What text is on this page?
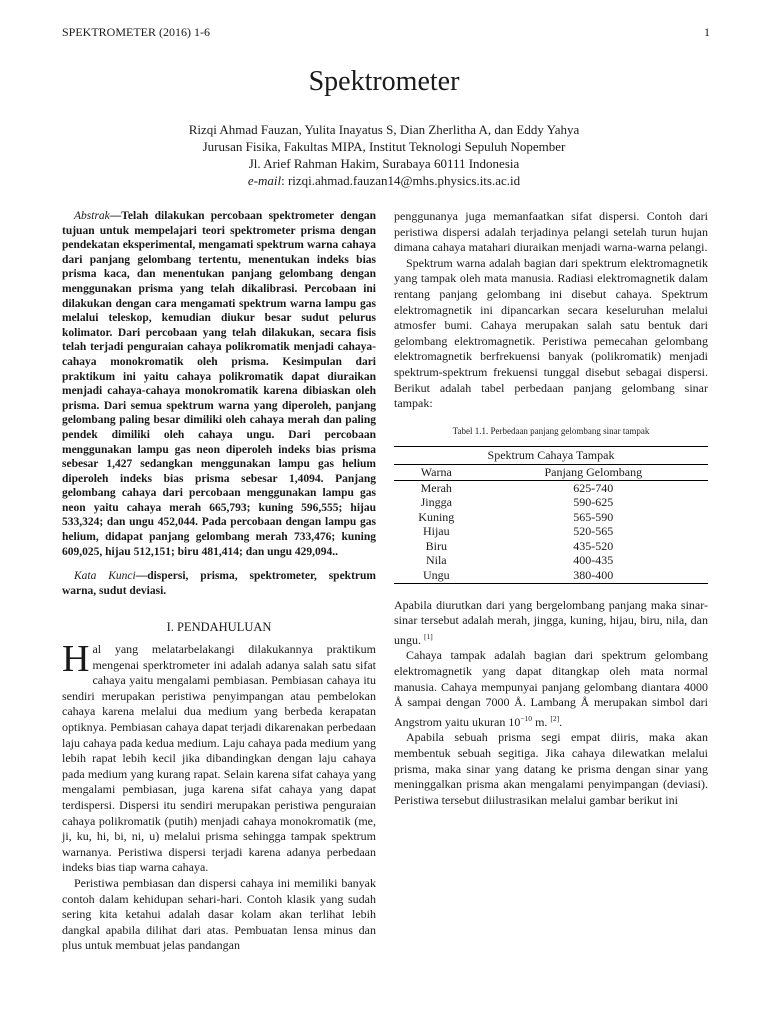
SPEKTROMETER (2016) 1-6	1
Spektrometer
Rizqi Ahmad Fauzan, Yulita Inayatus S, Dian Zherlitha A, dan Eddy Yahya
Jurusan Fisika, Fakultas MIPA, Institut Teknologi Sepuluh Nopember
Jl. Arief Rahman Hakim, Surabaya 60111 Indonesia
e-mail: rizqi.ahmad.fauzan14@mhs.physics.its.ac.id

Abstrak—Telah dilakukan percobaan spektrometer dengan tujuan untuk mempelajari teori spektrometer prisma dengan pendekatan eksperimental, mengamati spektrum warna cahaya dari panjang gelombang tertentu, menentukan indeks bias prisma kaca, dan menentukan panjang gelombang dengan menggunakan prisma yang telah dikalibrasi. Percobaan ini dilakukan dengan cara mengamati spektrum warna lampu gas melalui teleskop, kemudian diukur besar sudut pelurus kolimator. Dari percobaan yang telah dilakukan, secara fisis telah terjadi penguraian cahaya polikromatik menjadi cahaya-cahaya monokromatik oleh prisma. Kesimpulan dari praktikum ini yaitu cahaya polikromatik dapat diuraikan menjadi cahaya-cahaya monokromatik karena dibiaskan oleh prisma. Dari semua spektrum warna yang diperoleh, panjang gelombang paling besar dimiliki oleh cahaya merah dan paling pendek dimiliki oleh cahaya ungu. Dari percobaan menggunakan lampu gas neon diperoleh indeks bias prisma sebesar 1,427 sedangkan menggunakan lampu gas helium diperoleh indeks bias prisma sebesar 1,4094. Panjang gelombang cahaya dari percobaan menggunakan lampu gas neon yaitu cahaya merah 665,793; kuning 596,555; hijau 533,324; dan ungu 452,044. Pada percobaan dengan lampu gas helium, didapat panjang gelombang merah 733,476; kuning 609,025, hijau 512,151; biru 481,414; dan ungu 429,094..

Kata Kunci—dispersi, prisma, spektrometer, spektrum warna, sudut deviasi.

I. PENDAHULUAN

Hal yang melatarbelakangi dilakukannya praktikum mengenai sperktrometer ini adalah adanya salah satu sifat cahaya yaitu mengalami pembiasan. Pembiasan cahaya itu sendiri merupakan peristiwa penyimpangan atau pembelokan cahaya karena melalui dua medium yang berbeda kerapatan optiknya. Pembiasan cahaya dapat terjadi dikarenakan perbedaan laju cahaya pada kedua medium. Laju cahaya pada medium yang lebih rapat lebih kecil jika dibandingkan dengan laju cahaya pada medium yang kurang rapat. Selain karena sifat cahaya yang mengalami pembiasan, juga karena sifat cahaya yang dapat terdispersi. Dispersi itu sendiri merupakan peristiwa penguraian cahaya polikromatik (putih) menjadi cahaya monokromatik (me, ji, ku, hi, bi, ni, u) melalui prisma sehingga tampak spektrum warnanya. Peristiwa dispersi terjadi karena adanya perbedaan indeks bias tiap warna cahaya.

Peristiwa pembiasan dan dispersi cahaya ini memiliki banyak contoh dalam kehidupan sehari-hari. Contoh klasik yang sudah sering kita ketahui adalah dasar kolam akan terlihat lebih dangkal apabila dilihat dari atas. Pembuatan lensa minus dan plus untuk membuat jelas pandangan

penggunanya juga memanfaatkan sifat dispersi. Contoh dari peristiwa dispersi adalah terjadinya pelangi setelah turun hujan dimana cahaya matahari diuraikan menjadi warna-warna pelangi.

Spektrum warna adalah bagian dari spektrum elektromagnetik yang tampak oleh mata manusia. Radiasi elektromagnetik dalam rentang panjang gelombang ini disebut cahaya. Spektrum elektromagnetik ini dipancarkan secara keseluruhan melalui atmosfer bumi. Cahaya merupakan salah satu bentuk dari gelombang elektromagnetik. Peristiwa pemecahan gelombang elektromagnetik berfrekuensi banyak (polikromatik) menjadi spektrum-spektrum frekuensi tunggal disebut sebagai dispersi. Berikut adalah tabel perbedaan panjang gelombang sinar tampak:

Tabel 1.1. Perbedaan panjang gelombang sinar tampak
Spektrum Cahaya Tampak	
Warna	Panjang Gelombang
Merah	625-740
Jingga	590-625
Kuning	565-590
Hijau	520-565
Biru	435-520
Nila	400-435
Ungu	380-400

Apabila diurutkan dari yang bergelombang panjang maka sinar-sinar tersebut adalah merah, jingga, kuning, hijau, biru, nila, dan ungu. [1]

Cahaya tampak adalah bagian dari spektrum gelombang elektromagnetik yang dapat ditangkap oleh mata normal manusia. Cahaya mempunyai panjang gelombang diantara 4000 Å sampai dengan 7000 Å. Lambang Å merupakan simbol dari Angstrom yaitu ukuran $10^{-10}$ m. [2].

Apabila sebuah prisma segi empat diiris, maka akan membentuk sebuah segitiga. Jika cahaya dilewatkan melalui prisma, maka sinar yang datang ke prisma dengan sinar yang meninggalkan prisma akan mengalami penyimpangan (deviasi). Peristiwa tersebut diilustrasikan melalui gambar berikut ini
